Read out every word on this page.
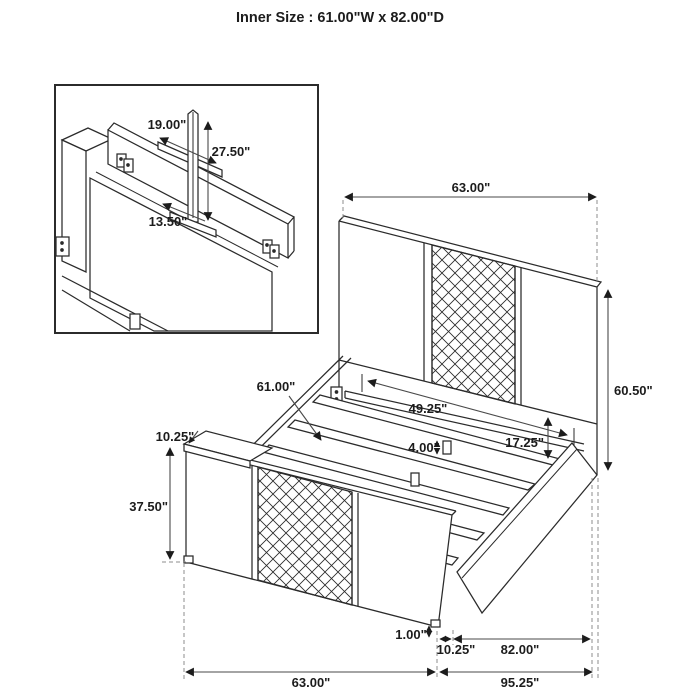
Inner Size : 61.00"W x 82.00"D
19.00"
27.50"
13.50"
63.00"
60.50"
61.00"
49.25"
4.00"	17.25"
10.25"
37.50"
1.00"
10.25" 82.00"
63.00"	95.25"
